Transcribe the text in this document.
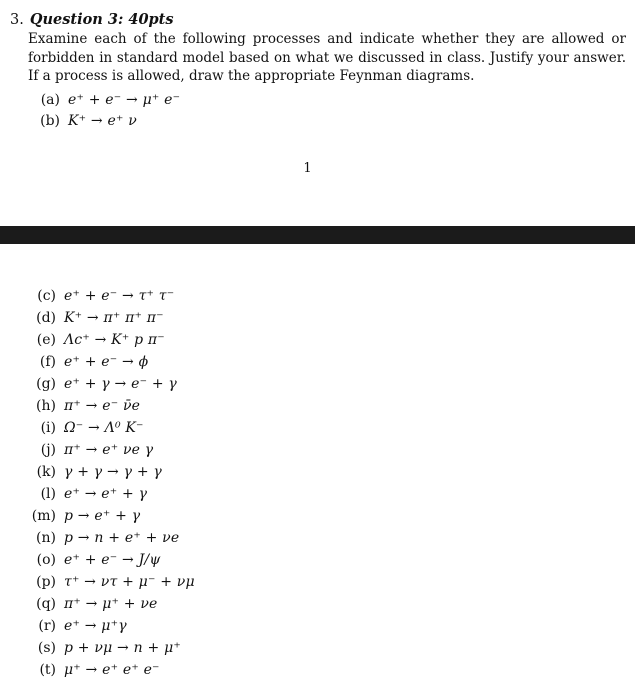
3. Question 3: 40pts
Examine each of the following processes and indicate whether they are allowed or forbidden in standard model based on what we discussed in class. Justify your answer. If a process is allowed, draw the appropriate Feynman diagrams.
(a) e⁺ + e⁻ → μ⁺ e⁻
(b) K⁺ → e⁺ ν
1
(c) e⁺ + e⁻ → τ⁺ τ⁻
(d) K⁺ → π⁺ π⁺ π⁻
(e) Λc⁺ → K⁺ p π⁻
(f) e⁺ + e⁻ → ϕ
(g) e⁺ + γ → e⁻ + γ
(h) π⁺ → e⁻ ν̄e
(i) Ω⁻ → Λ⁰ K⁻
(j) π⁺ → e⁺ νe γ
(k) γ + γ → γ + γ
(l) e⁺ → e⁺ + γ
(m) p → e⁺ + γ
(n) p → n + e⁺ + νe
(o) e⁺ + e⁻ → J/ψ
(p) τ⁺ → ντ + μ⁻ + νμ
(q) π⁺ → μ⁺ + νe
(r) e⁺ → μ⁺γ
(s) p + νμ → n + μ⁺
(t) μ⁺ → e⁺ e⁺ e⁻
